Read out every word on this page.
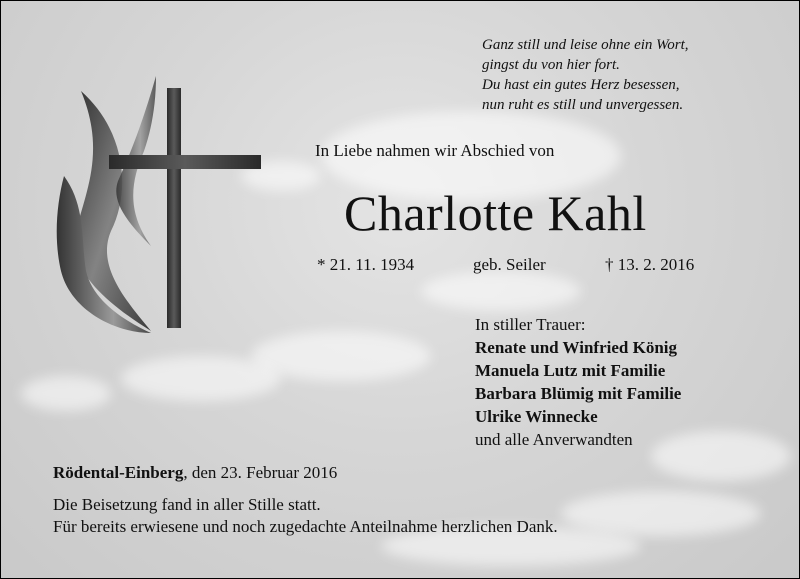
Ganz still und leise ohne ein Wort,
gingst du von hier fort.
Du hast ein gutes Herz besessen,
nun ruht es still und unvergessen.
In Liebe nahmen wir Abschied von
Charlotte Kahl
* 21. 11. 1934	geb. Seiler	† 13. 2. 2016
In stiller Trauer:
Renate und Winfried König
Manuela Lutz mit Familie
Barbara Blümig mit Familie
Ulrike Winnecke
und alle Anverwandten
Rödental-Einberg, den 23. Februar 2016
Die Beisetzung fand in aller Stille statt.
Für bereits erwiesene und noch zugedachte Anteilnahme herzlichen Dank.
